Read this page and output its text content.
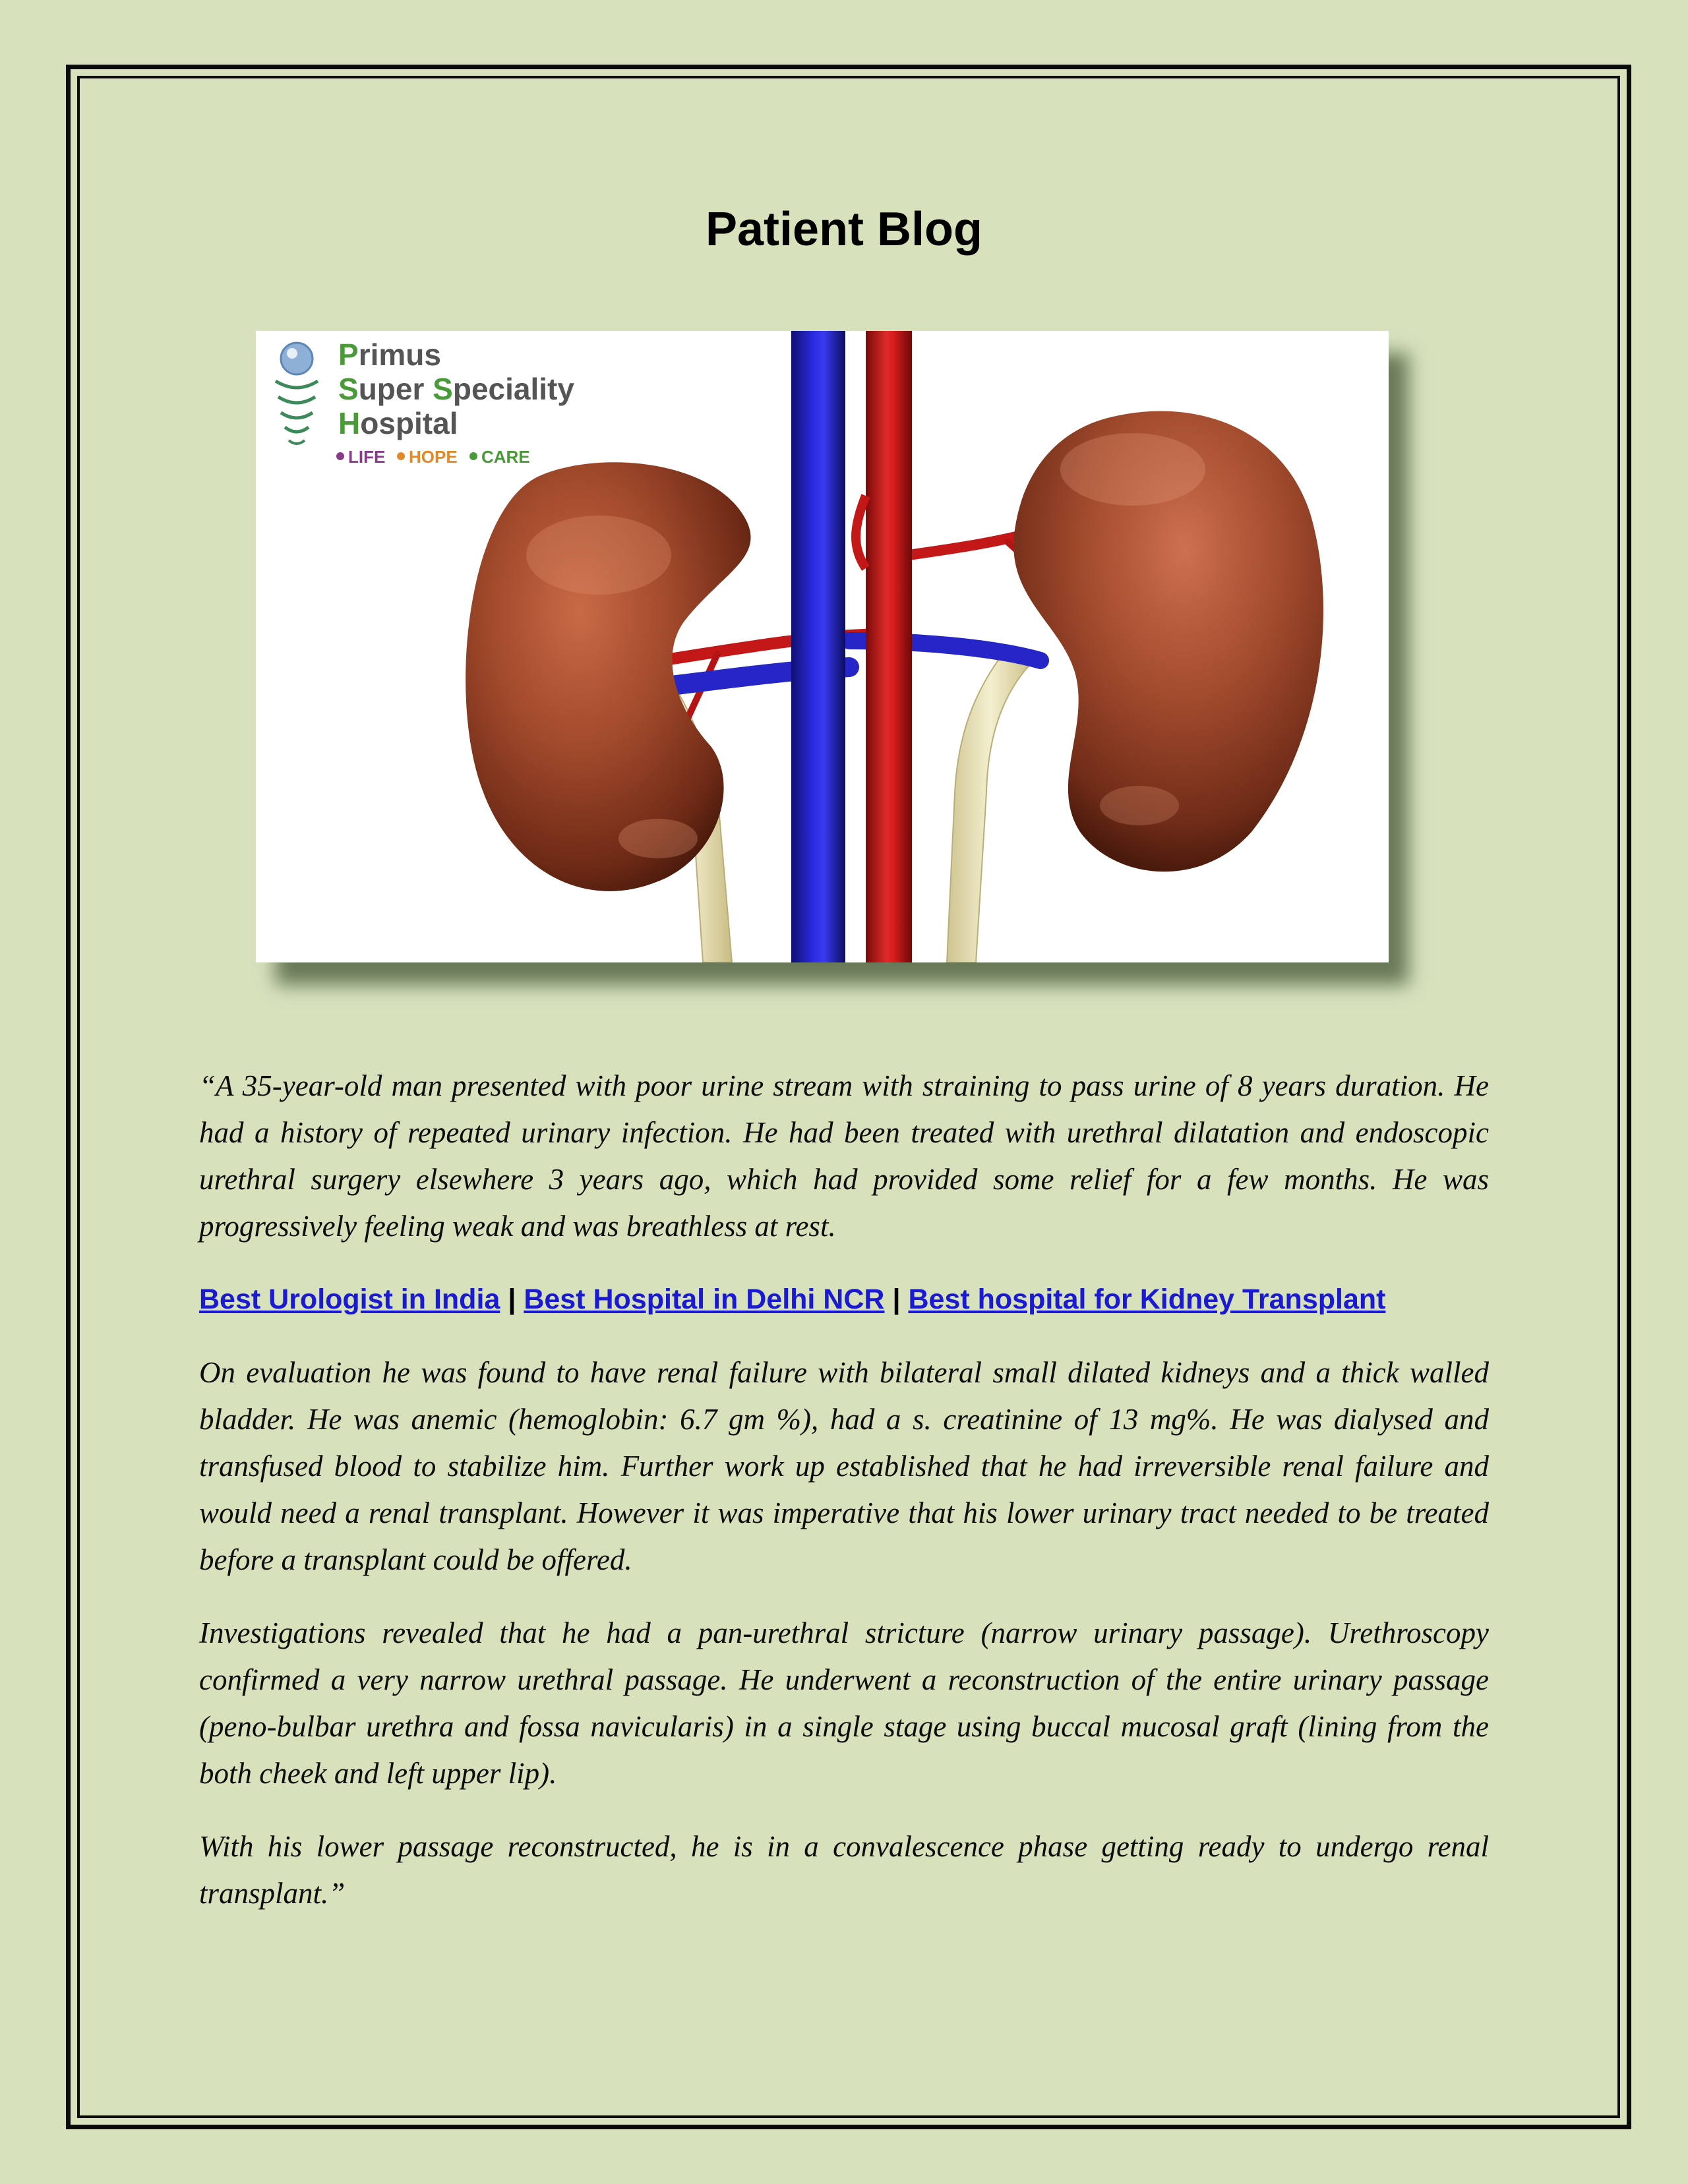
Patient Blog
Primus
Super Speciality
Hospital
LIFE HOPE CARE

“A 35-year-old man presented with poor urine stream with straining to pass urine of 8 years duration. He had a history of repeated urinary infection. He had been treated with urethral dilatation and endoscopic urethral surgery elsewhere 3 years ago, which had provided some relief for a few months. He was progressively feeling weak and was breathless at rest.

Best Urologist in India | Best Hospital in Delhi NCR | Best hospital for Kidney Transplant

On evaluation he was found to have renal failure with bilateral small dilated kidneys and a thick walled bladder. He was anemic (hemoglobin: 6.7 gm %), had a s. creatinine of 13 mg%. He was dialysed and transfused blood to stabilize him. Further work up established that he had irreversible renal failure and would need a renal transplant. However it was imperative that his lower urinary tract needed to be treated before a transplant could be offered.

Investigations revealed that he had a pan-urethral stricture (narrow urinary passage). Urethroscopy confirmed a very narrow urethral passage. He underwent a reconstruction of the entire urinary passage (peno-bulbar urethra and fossa navicularis) in a single stage using buccal mucosal graft (lining from the both cheek and left upper lip).

With his lower passage reconstructed, he is in a convalescence phase getting ready to undergo renal transplant.”
